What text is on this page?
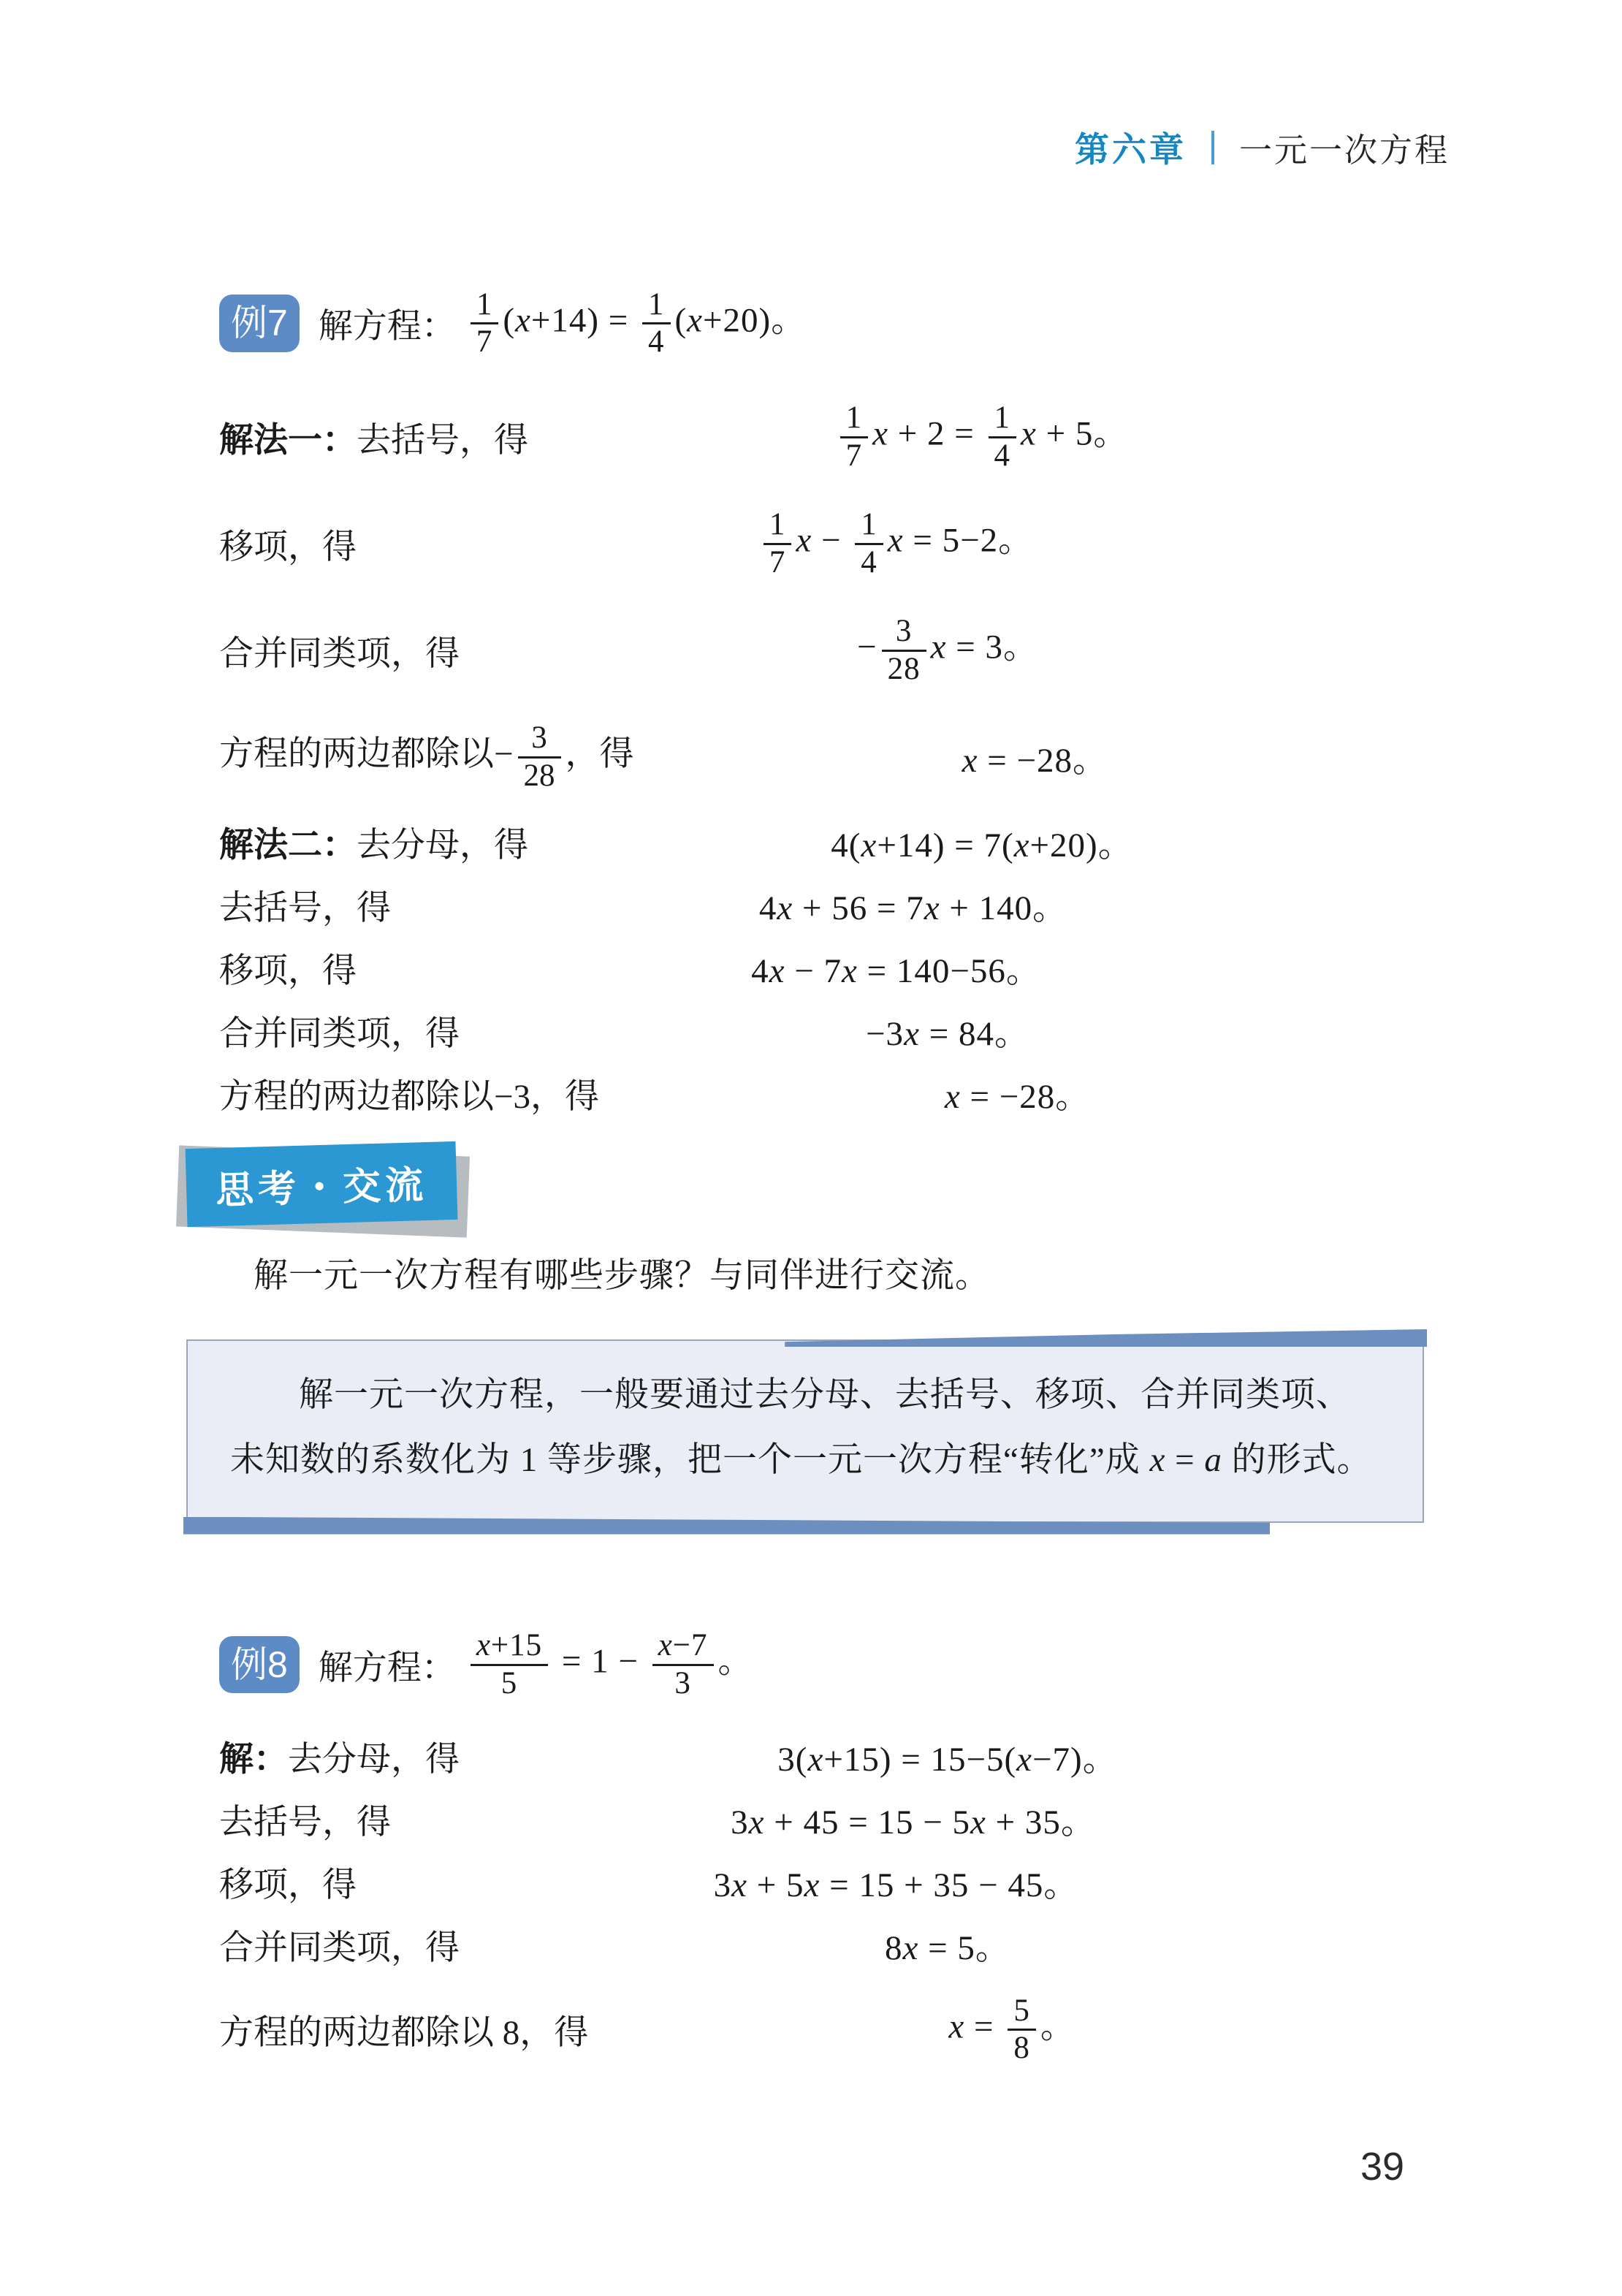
第六章 一元一次方程
例7 解方程： $\frac{1}{7} (x+14) = \frac{1}{4} (x+20)$。
解法一：去括号，得	$\frac{1}{7}$ $x + 2 = \frac{1}{4}$ x + 5。
移项，得	$\frac{1}{7}$ $x - \frac{1}{4}$ x = 5−2。
合并同类项，得	− $\frac{3}{28}$ x = 3。
方程的两边都除以− $\frac{3}{28}$ ，得	x = −28。
解法二：去分母，得	4(x+14) = 7(x+20)。
去括号，得	4x + 56 = 7x + 140。
移项，得	4x − 7x = 140−56。
合并同类项，得	−3x = 84。
方程的两边都除以−3，得	x = −28。
思考・交流
解一元一次方程有哪些步骤？与同伴进行交流。

解一元一次方程，一般要通过去分母、去括号、移项、合并同类项、未知数的系数化为 1 等步骤，把一个一元一次方程“转化”成 x = a 的形式。

例8 解方程： $\frac{x+15}{5} = 1 - \frac{x-7}{3}$ 。
解：去分母，得	3(x+15) = 15−5(x−7)。
去括号，得	3x + 45 = 15 − 5x + 35。
移项，得	3x + 5x = 15 + 35 − 45。
合并同类项，得	8x = 5。
方程的两边都除以 8，得	$x = \frac{5}{8}$ 。
39
